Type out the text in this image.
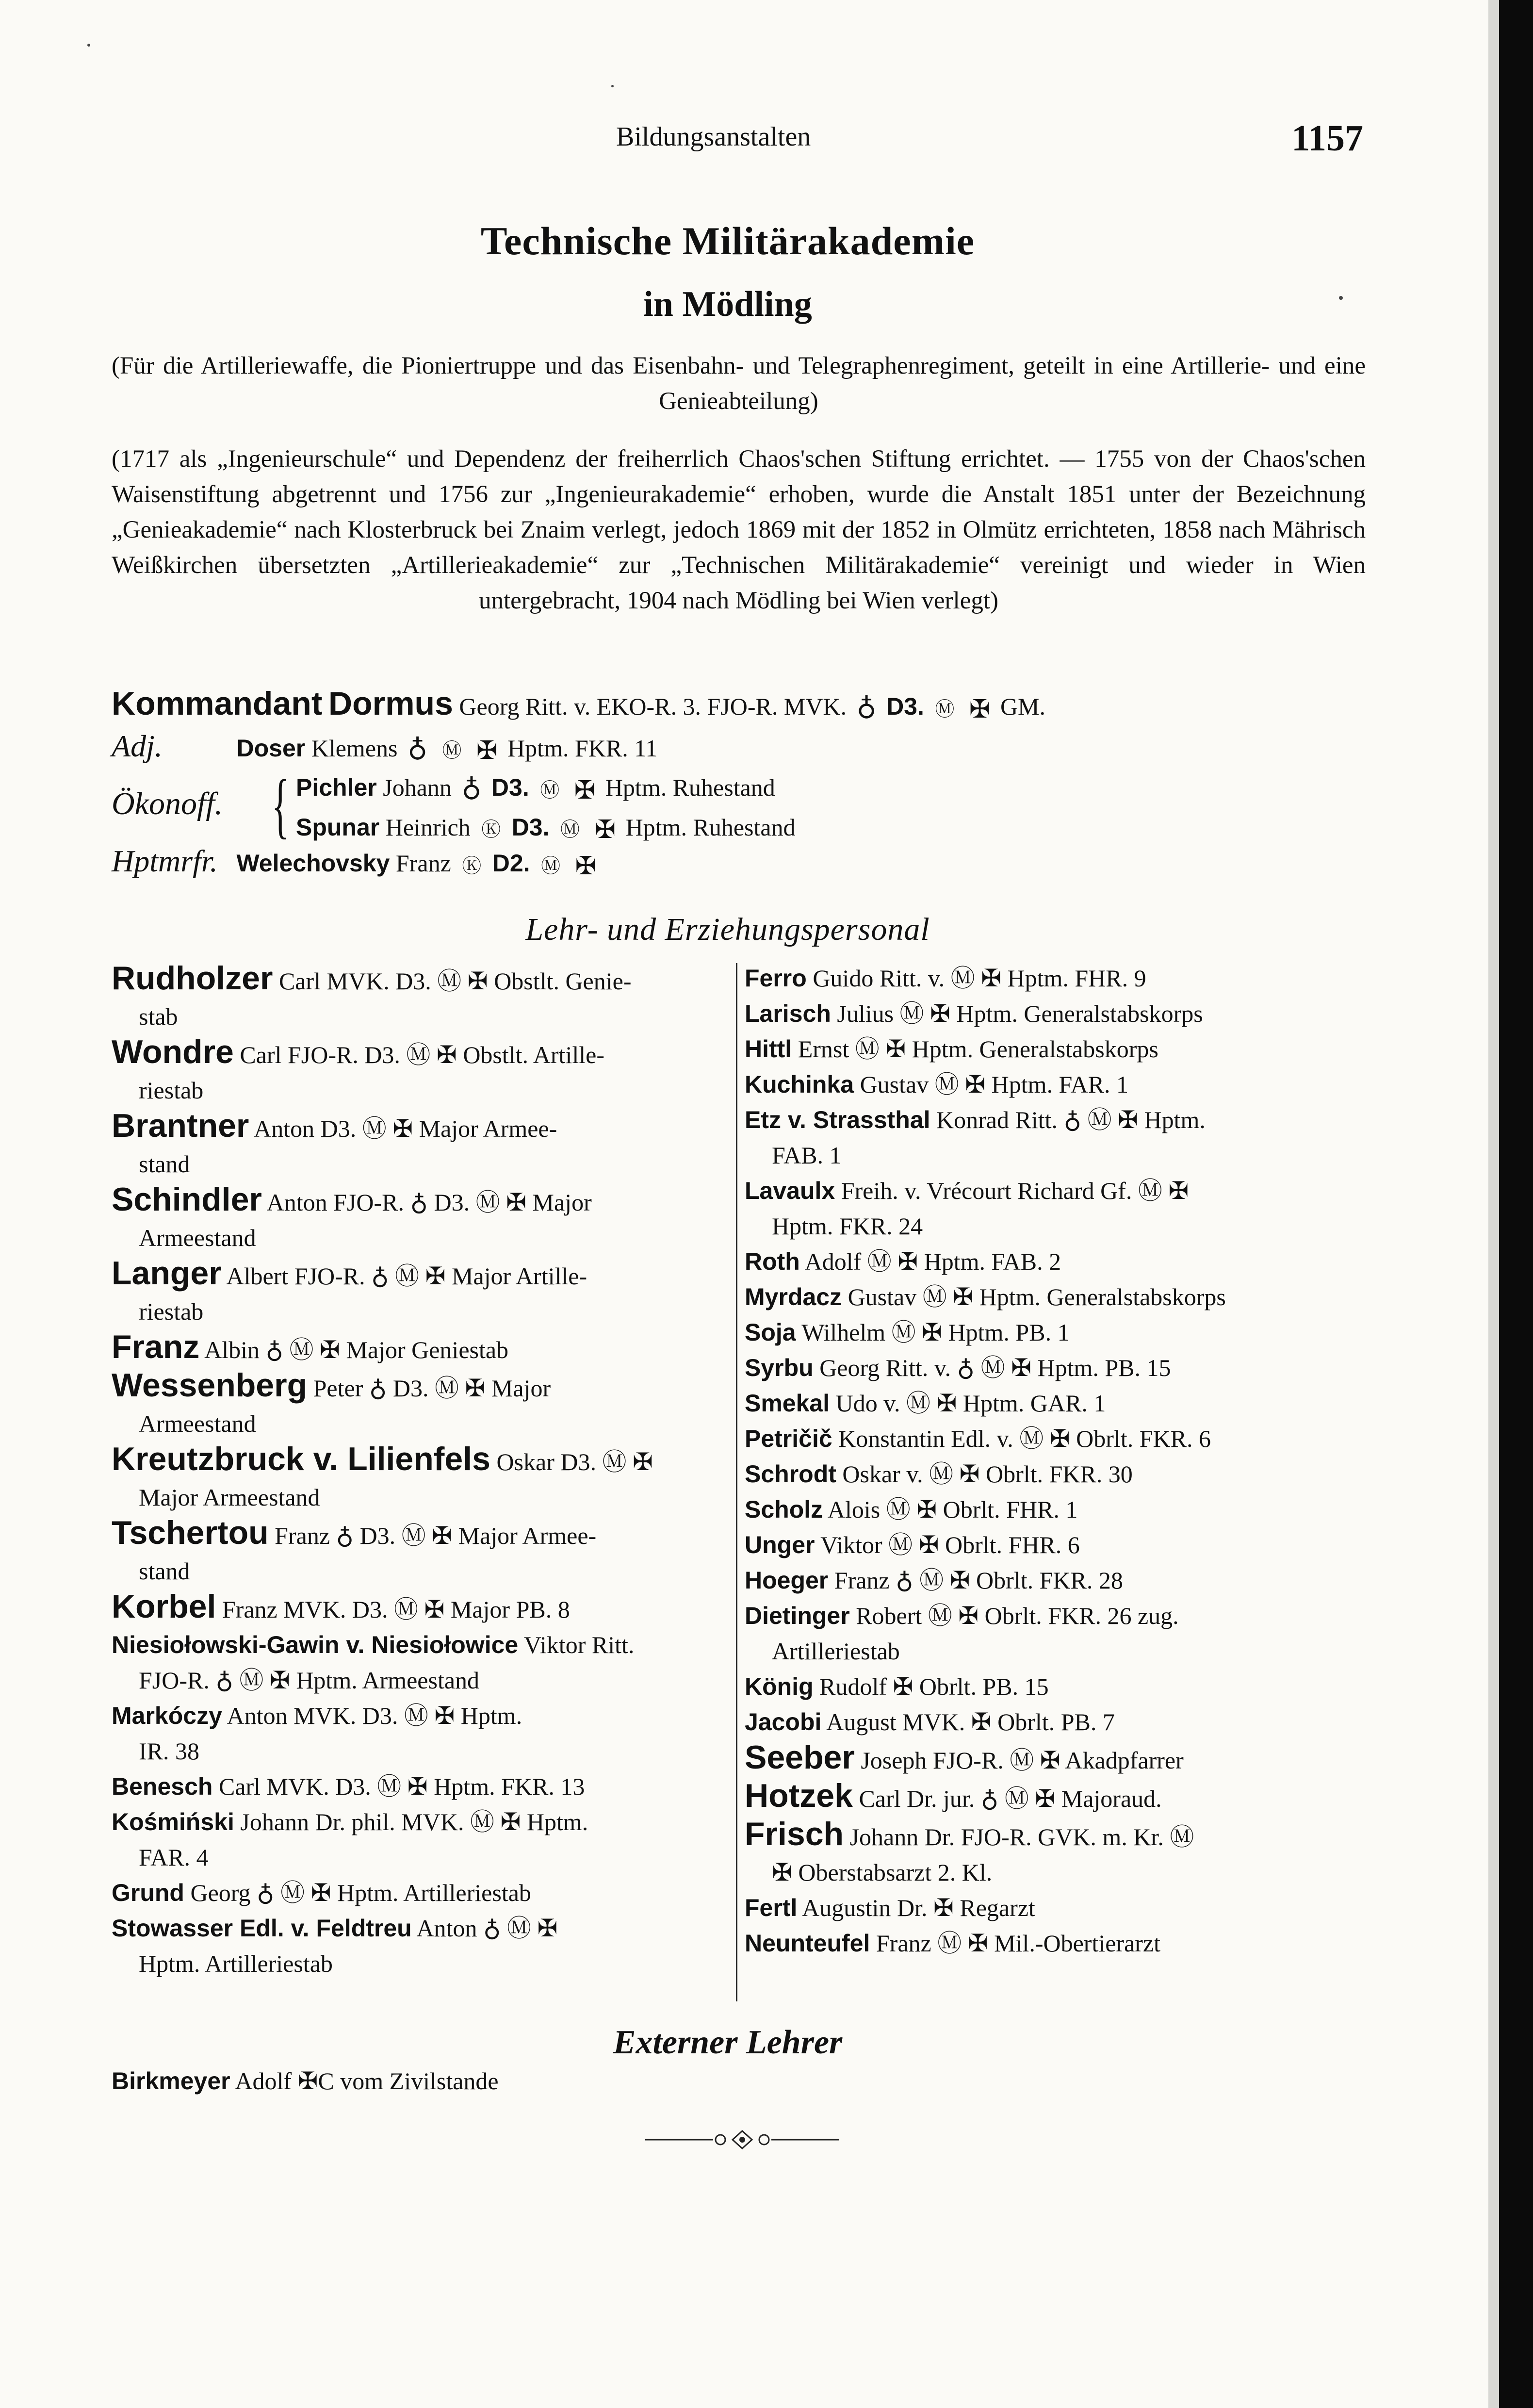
Bildungsanstalten	1157
Technische Militärakademie
in Mödling
(Für die Artilleriewaffe, die Pioniertruppe und das Eisenbahn- und Telegraphenregiment, geteilt in eine Artillerie- und eine Genieabteilung)
(1717 als „Ingenieurschule“ und Dependenz der freiherrlich Chaos'schen Stiftung errichtet. — 1755 von der Chaos'schen Waisenstiftung abgetrennt und 1756 zur „Ingenieurakademie“ erhoben, wurde die Anstalt 1851 unter der Bezeichnung „Genieakademie“ nach Klosterbruck bei Znaim verlegt, jedoch 1869 mit der 1852 in Olmütz errichteten, 1858 nach Mährisch Weißkirchen übersetzten „Artillerieakademie“ zur „Technischen Militärakademie“ vereinigt und wieder in Wien untergebracht, 1904 nach Mödling bei Wien verlegt)
Kommandant Dormus Georg Ritt. v. EKO-R. 3. FJO-R. MVK. ♁ D3. Ⓜ ✠ GM.
Adj.	Doser Klemens ♁ Ⓜ ✠ Hptm. FKR. 11
Ökonoff. { Pichler Johann ♁ D3. Ⓜ ✠ Hptm. Ruhestand
Spunar Heinrich Ⓚ D3. Ⓜ ✠ Hptm. Ruhestand
Hptmrfr. Welechovsky Franz Ⓚ D2. Ⓜ ✠
Lehr- und Erziehungspersonal
Rudholzer Carl MVK. D3. Ⓜ ✠ Obstlt. Genie-
stab
Wondre Carl FJO-R. D3. Ⓜ ✠ Obstlt. Artille-
riestab
Brantner Anton D3. Ⓜ ✠ Major Armee-
stand
Schindler Anton FJO-R. ♁ D3. Ⓜ ✠ Major
Armeestand
Langer Albert FJO-R. ♁ Ⓜ ✠ Major Artille-
riestab
Franz Albin ♁ Ⓜ ✠ Major Geniestab
Wessenberg Peter ♁ D3. Ⓜ ✠ Major
Armeestand
Kreutzbruck v. Lilienfels Oskar D3. Ⓜ ✠
Major Armeestand
Tschertou Franz ♁ D3. Ⓜ ✠ Major Armee-
stand
Korbel Franz MVK. D3. Ⓜ ✠ Major PB. 8
Niesiołowski-Gawin v. Niesiołowice Viktor Ritt.
FJO-R. ♁ Ⓜ ✠ Hptm. Armeestand
Markóczy Anton MVK. D3. Ⓜ ✠ Hptm.
IR. 38
Benesch Carl MVK. D3. Ⓜ ✠ Hptm. FKR. 13
Kośmiński Johann Dr. phil. MVK. Ⓜ ✠ Hptm.
FAR. 4
Grund Georg ♁ Ⓜ ✠ Hptm. Artilleriestab
Stowasser Edl. v. Feldtreu Anton ♁ Ⓜ ✠
Hptm. Artilleriestab
Ferro Guido Ritt. v. Ⓜ ✠ Hptm. FHR. 9
Larisch Julius Ⓜ ✠ Hptm. Generalstabskorps
Hittl Ernst Ⓜ ✠ Hptm. Generalstabskorps
Kuchinka Gustav Ⓜ ✠ Hptm. FAR. 1
Etz v. Strassthal Konrad Ritt. ♁ Ⓜ ✠ Hptm.
FAB. 1
Lavaulx Freih. v. Vrécourt Richard Gf. Ⓜ ✠
Hptm. FKR. 24
Roth Adolf Ⓜ ✠ Hptm. FAB. 2
Myrdacz Gustav Ⓜ ✠ Hptm. Generalstabskorps
Soja Wilhelm Ⓜ ✠ Hptm. PB. 1
Syrbu Georg Ritt. v. ♁ Ⓜ ✠ Hptm. PB. 15
Smekal Udo v. Ⓜ ✠ Hptm. GAR. 1
Petričič Konstantin Edl. v. Ⓜ ✠ Obrlt. FKR. 6
Schrodt Oskar v. Ⓜ ✠ Obrlt. FKR. 30
Scholz Alois Ⓜ ✠ Obrlt. FHR. 1
Unger Viktor Ⓜ ✠ Obrlt. FHR. 6
Hoeger Franz ♁ Ⓜ ✠ Obrlt. FKR. 28
Dietinger Robert Ⓜ ✠ Obrlt. FKR. 26 zug.
Artilleriestab
König Rudolf ✠ Obrlt. PB. 15
Jacobi August MVK. ✠ Obrlt. PB. 7
Seeber Joseph FJO-R. Ⓜ ✠ Akadpfarrer
Hotzek Carl Dr. jur. ♁ Ⓜ ✠ Majoraud.
Frisch Johann Dr. FJO-R. GVK. m. Kr. Ⓜ
✠ Oberstabsarzt 2. Kl.
Fertl Augustin Dr. ✠ Regarzt
Neunteufel Franz Ⓜ ✠ Mil.-Obertierarzt
Externer Lehrer
Birkmeyer Adolf ✠C vom Zivilstande
